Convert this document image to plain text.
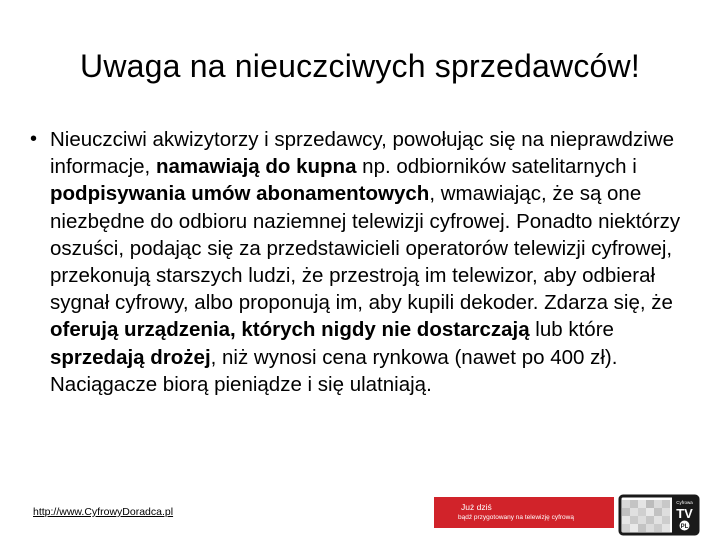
Uwaga na nieuczciwych sprzedawców!
• Nieuczciwi akwizytorzy i sprzedawcy, powołując się na nieprawdziwe informacje, namawiają do kupna np. odbiorników satelitarnych i podpisywania umów abonamentowych, wmawiając, że są one niezbędne do odbioru naziemnej telewizji cyfrowej. Ponadto niektórzy oszuści, podając się za przedstawicieli operatorów telewizji cyfrowej, przekonują starszych ludzi, że przestroją im telewizor, aby odbierał sygnał cyfrowy, albo proponują im, aby kupili dekoder. Zdarza się, że oferują urządzenia, których nigdy nie dostarczają lub które sprzedają drożej, niż wynosi cena rynkowa (nawet po 400 zł). Naciągacze biorą pieniądze i się ulatniają.
http://www.CyfrowyDoradca.pl	Już dziś
bądź przygotowany na telewizję cyfrową
Cyfrowa
TV
PL
